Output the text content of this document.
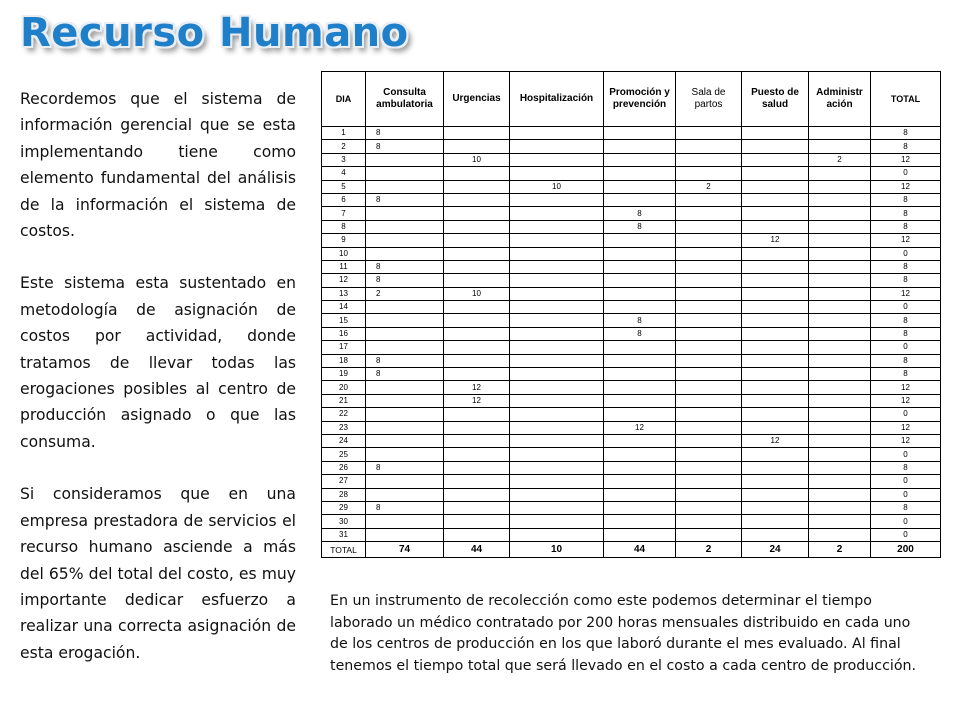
Recurso Humano

Recordemos que el sistema de información gerencial que se esta implementando tiene como elemento fundamental del análisis de la información el sistema de costos.

Este sistema esta sustentado en metodología de asignación de costos por actividad, donde tratamos de llevar todas las erogaciones posibles al centro de producción asignado o que las consuma.

Si consideramos que en una empresa prestadora de servicios el recurso humano asciende a más del 65% del total del costo, es muy importante dedicar esfuerzo a realizar una correcta asignación de esta erogación.

DIA	Consulta ambulatoria	Urgencias	Hospitalización	Promoción y prevención	Sala de partos	Puesto de salud	Administr ación	TOTAL
1	8							8
2	8							8
3		10					2	12
4								0
5			10		2			12
6	8							8
7				8				8
8				8				8
9						12		12
10								0
11	8							8
12	8							8
13	2	10						12
14								0
15				8				8
16				8				8
17								0
18	8							8
19	8							8
20		12						12
21		12						12
22								0
23				12				12
24						12		12
25								0
26	8							8
27								0
28								0
29	8							8
30								0
31								0
TOTAL	74	44	10	44	2	24	2	200

En un instrumento de recolección como este podemos determinar el tiempo laborado un médico contratado por 200 horas mensuales distribuido en cada uno de los centros de producción en los que laboró durante el mes evaluado. Al final tenemos el tiempo total que será llevado en el costo a cada centro de producción.
